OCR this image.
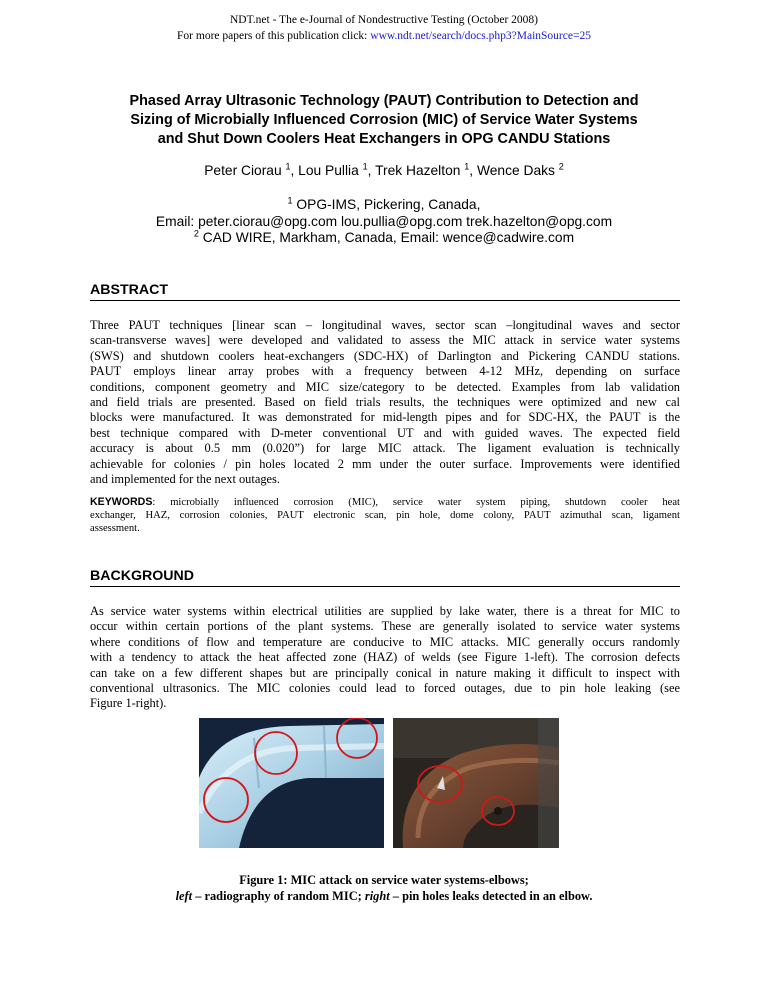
NDT.net - The e-Journal of Nondestructive Testing (October 2008)
For more papers of this publication click: www.ndt.net/search/docs.php3?MainSource=25
Phased Array Ultrasonic Technology (PAUT) Contribution to Detection and
Sizing of Microbially Influenced Corrosion (MIC) of Service Water Systems
and Shut Down Coolers Heat Exchangers in OPG CANDU Stations
Peter Ciorau $^1$, Lou Pullia $^1$, Trek Hazelton $^1$, Wence Daks $^2$
$^1$ OPG-IMS, Pickering, Canada,
Email: peter.ciorau@opg.com lou.pullia@opg.com trek.hazelton@opg.com
$^2$ CAD WIRE, Markham, Canada, Email: wence@cadwire.com
ABSTRACT
Three PAUT techniques [linear scan – longitudinal waves, sector scan –longitudinal waves and sector
scan-transverse waves] were developed and validated to assess the MIC attack in service water systems
(SWS) and shutdown coolers heat-exchangers (SDC-HX) of Darlington and Pickering CANDU stations.
PAUT employs linear array probes with a frequency between 4-12 MHz, depending on surface
conditions, component geometry and MIC size/category to be detected. Examples from lab validation
and field trials are presented. Based on field trials results, the techniques were optimized and new cal
blocks were manufactured. It was demonstrated for mid-length pipes and for SDC-HX, the PAUT is the
best technique compared with D-meter conventional UT and with guided waves. The expected field
accuracy is about 0.5 mm (0.020”) for large MIC attack. The ligament evaluation is technically
achievable for colonies / pin holes located 2 mm under the outer surface. Improvements were identified
and implemented for the next outages.
KEYWORDS: microbially influenced corrosion (MIC), service water system piping, shutdown cooler heat
exchanger, HAZ, corrosion colonies, PAUT electronic scan, pin hole, dome colony, PAUT azimuthal scan, ligament
assessment.
BACKGROUND
As service water systems within electrical utilities are supplied by lake water, there is a threat for MIC to
occur within certain portions of the plant systems. These are generally isolated to service water systems
where conditions of flow and temperature are conducive to MIC attacks. MIC generally occurs randomly
with a tendency to attack the heat affected zone (HAZ) of welds (see Figure 1-left). The corrosion defects
can take on a few different shapes but are principally conical in nature making it difficult to inspect with
conventional ultrasonics. The MIC colonies could lead to forced outages, due to pin hole leaking (see
Figure 1-right).
Figure 1: MIC attack on service water systems-elbows;
left – radiography of random MIC; right – pin holes leaks detected in an elbow.
